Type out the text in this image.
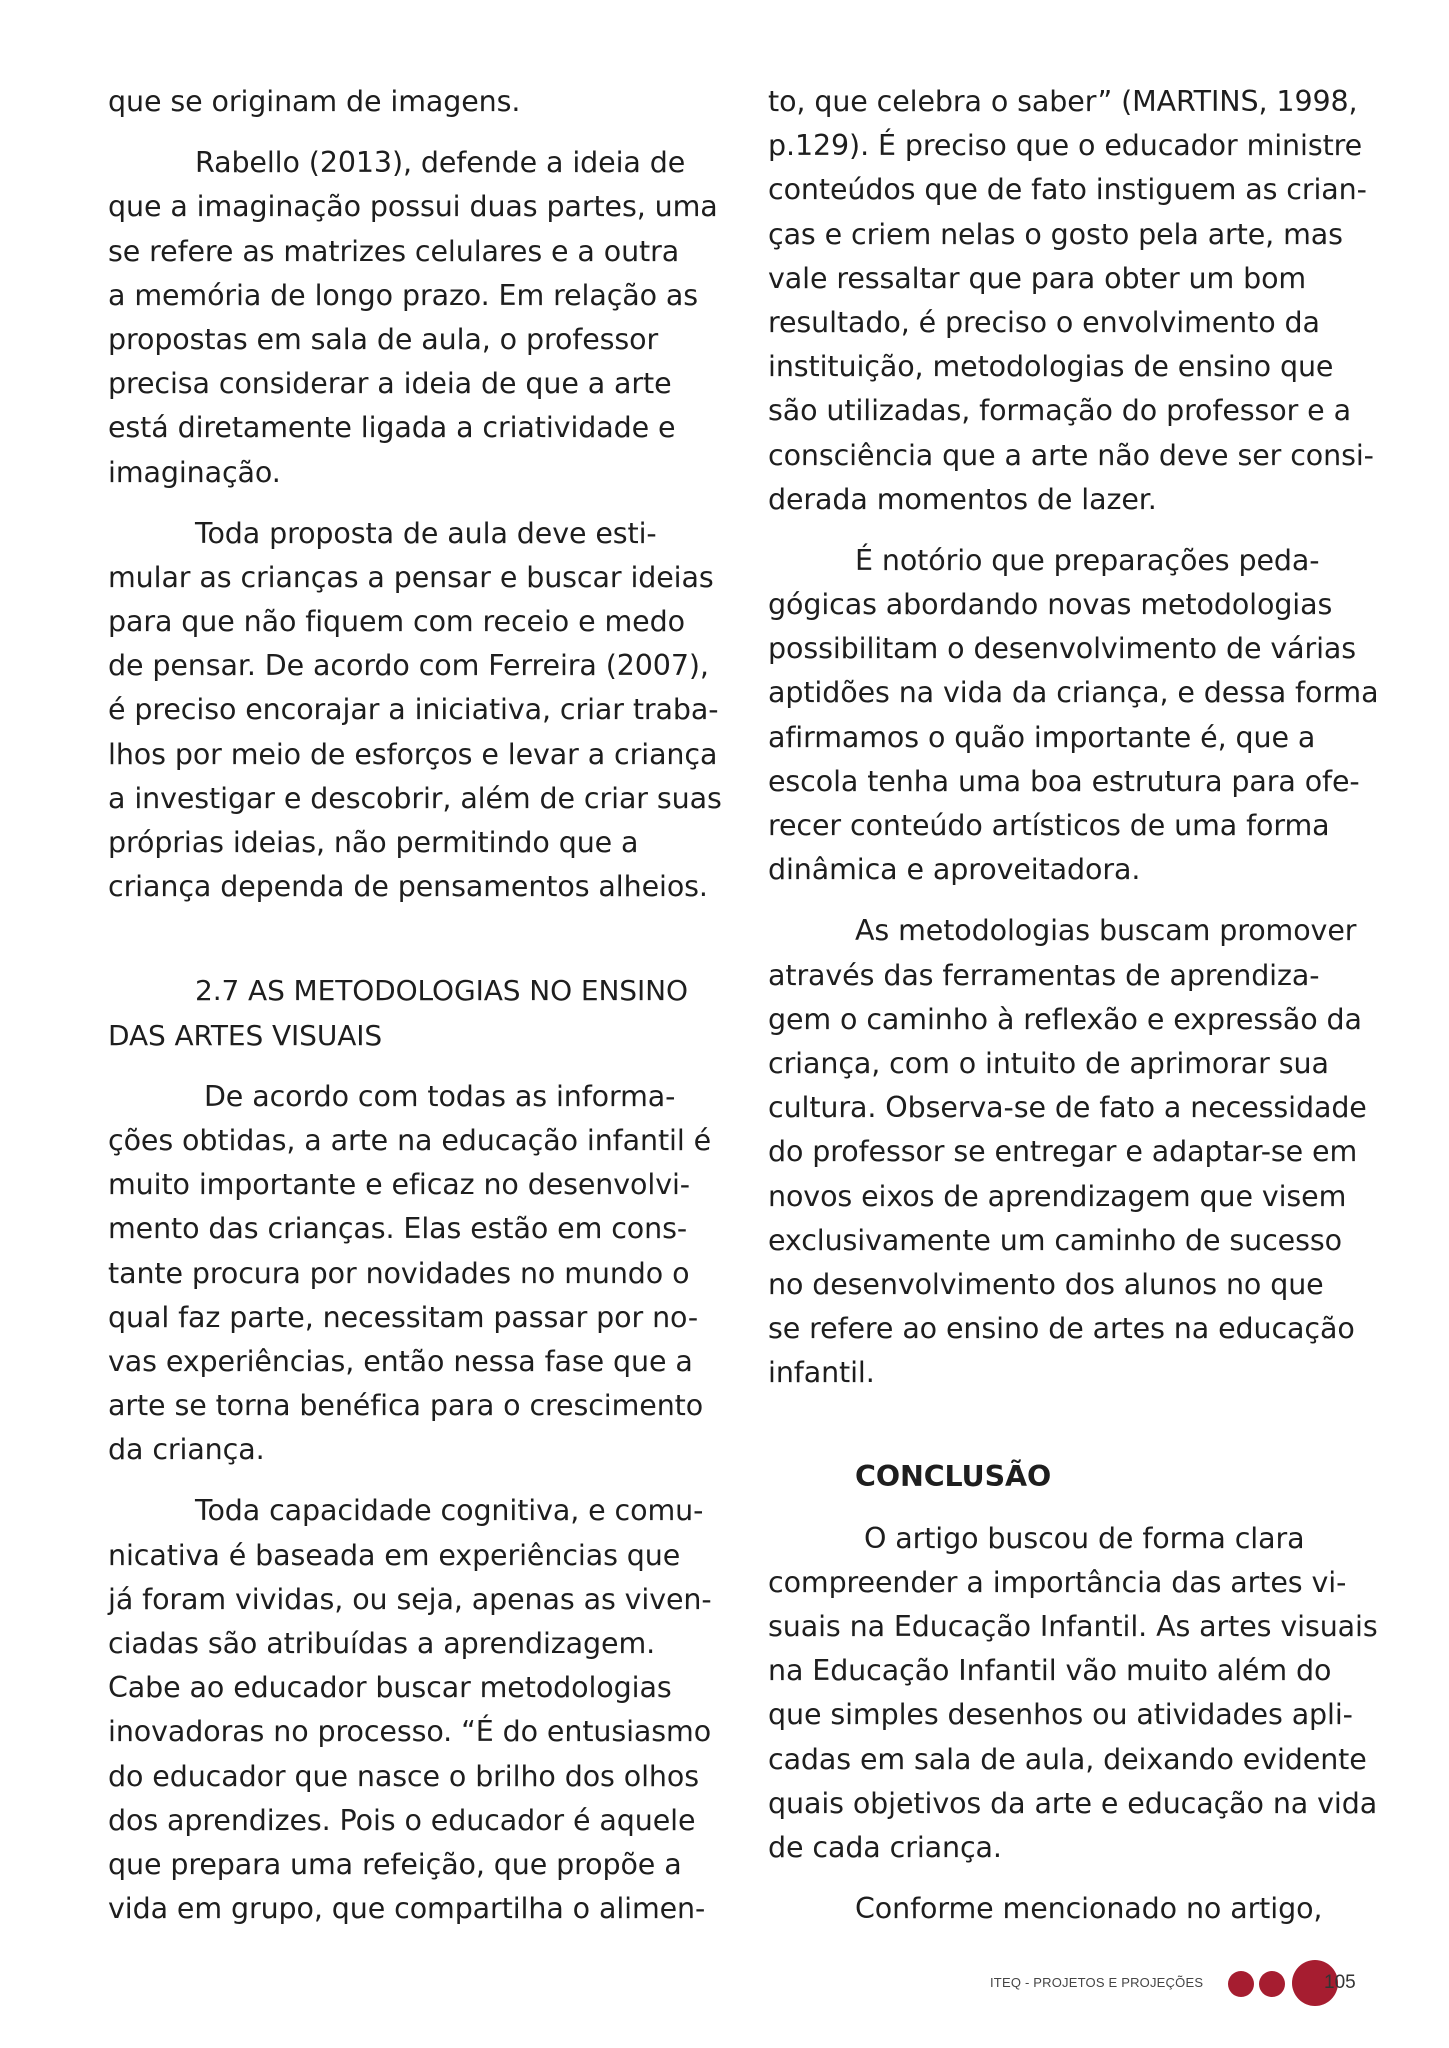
que se originam de imagens.
Rabello (2013), defende a ideia de
que a imaginação possui duas partes, uma
se refere as matrizes celulares e a outra
a memória de longo prazo. Em relação as
propostas em sala de aula, o professor
precisa considerar a ideia de que a arte
está diretamente ligada a criatividade e
imaginação.
Toda proposta de aula deve esti-
mular as crianças a pensar e buscar ideias
para que não fiquem com receio e medo
de pensar. De acordo com Ferreira (2007),
é preciso encorajar a iniciativa, criar traba-
lhos por meio de esforços e levar a criança
a investigar e descobrir, além de criar suas
próprias ideias, não permitindo que a
criança dependa de pensamentos alheios.
2.7 AS METODOLOGIAS NO ENSINO
DAS ARTES VISUAIS
De acordo com todas as informa-
ções obtidas, a arte na educação infantil é
muito importante e eficaz no desenvolvi-
mento das crianças. Elas estão em cons-
tante procura por novidades no mundo o
qual faz parte, necessitam passar por no-
vas experiências, então nessa fase que a
arte se torna benéfica para o crescimento
da criança.
Toda capacidade cognitiva, e comu-
nicativa é baseada em experiências que
já foram vividas, ou seja, apenas as viven-
ciadas são atribuídas a aprendizagem.
Cabe ao educador buscar metodologias
inovadoras no processo. “É do entusiasmo
do educador que nasce o brilho dos olhos
dos aprendizes. Pois o educador é aquele
que prepara uma refeição, que propõe a
vida em grupo, que compartilha o alimen-
to, que celebra o saber” (MARTINS, 1998,
p.129). É preciso que o educador ministre
conteúdos que de fato instiguem as crian-
ças e criem nelas o gosto pela arte, mas
vale ressaltar que para obter um bom
resultado, é preciso o envolvimento da
instituição, metodologias de ensino que
são utilizadas, formação do professor e a
consciência que a arte não deve ser consi-
derada momentos de lazer.
É notório que preparações peda-
gógicas abordando novas metodologias
possibilitam o desenvolvimento de várias
aptidões na vida da criança, e dessa forma
afirmamos o quão importante é, que a
escola tenha uma boa estrutura para ofe-
recer conteúdo artísticos de uma forma
dinâmica e aproveitadora.
As metodologias buscam promover
através das ferramentas de aprendiza-
gem o caminho à reflexão e expressão da
criança, com o intuito de aprimorar sua
cultura. Observa-se de fato a necessidade
do professor se entregar e adaptar-se em
novos eixos de aprendizagem que visem
exclusivamente um caminho de sucesso
no desenvolvimento dos alunos no que
se refere ao ensino de artes na educação
infantil.
CONCLUSÃO
O artigo buscou de forma clara
compreender a importância das artes vi-
suais na Educação Infantil. As artes visuais
na Educação Infantil vão muito além do
que simples desenhos ou atividades apli-
cadas em sala de aula, deixando evidente
quais objetivos da arte e educação na vida
de cada criança.
Conforme mencionado no artigo,
ITEQ - PROJETOS E PROJEÇÕES	105
